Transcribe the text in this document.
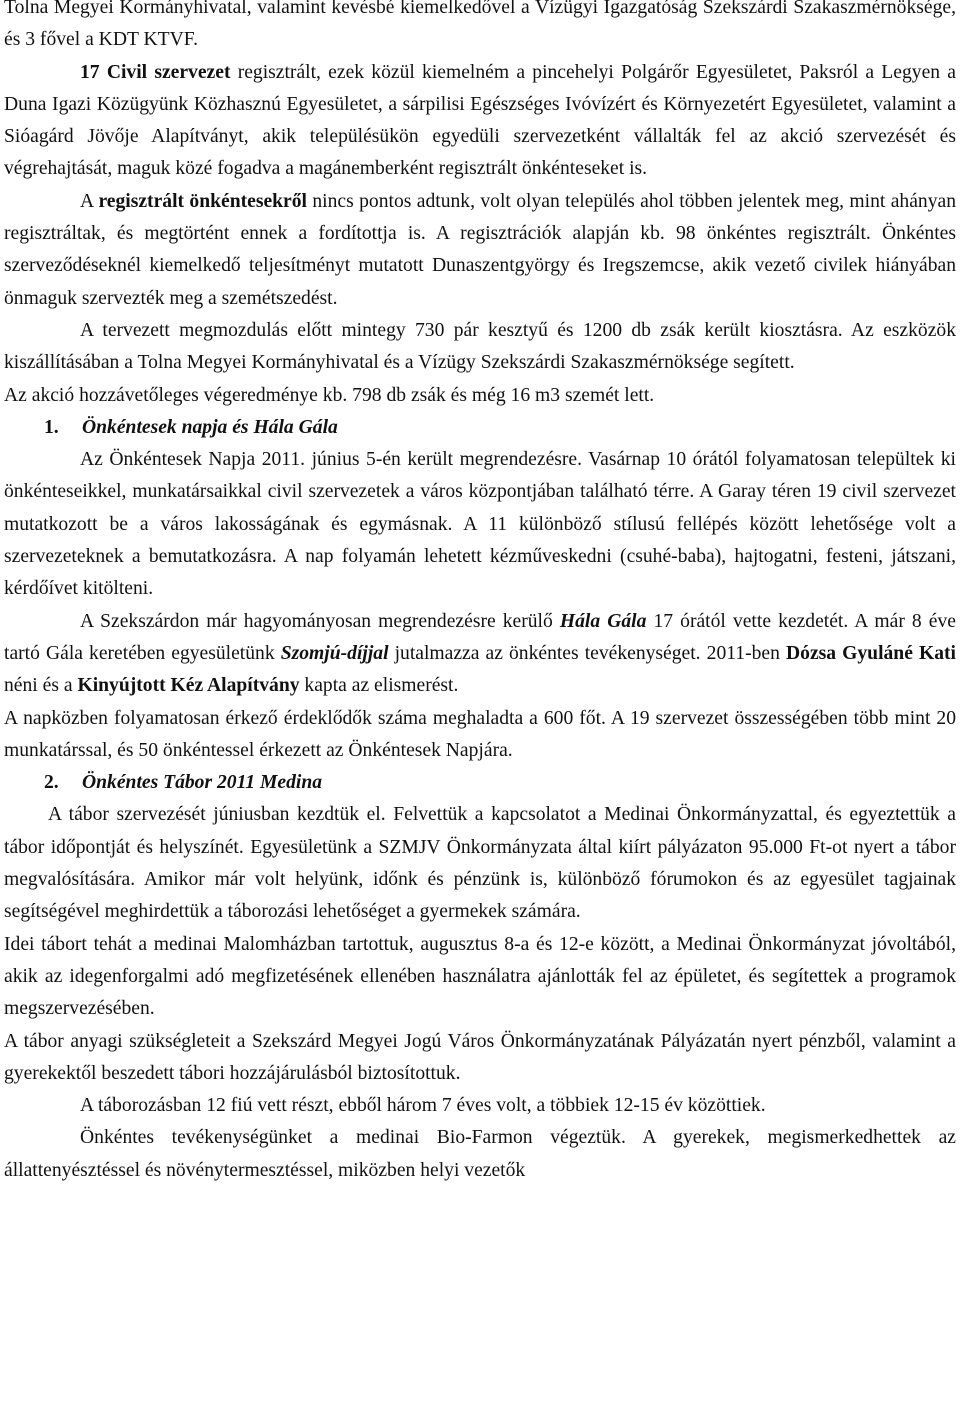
Tolna Megyei Kormányhivatal, valamint kevésbé kiemelkedővel a Vízügyi Igazgatóság Szekszárdi Szakaszmérnöksége, és 3 fővel a KDT KTVF.

17 Civil szervezet regisztrált, ezek közül kiemelném a pincehelyi Polgárőr Egyesületet, Paksról a Legyen a Duna Igazi Közügyünk Közhasznú Egyesületet, a sárpilisi Egészséges Ivóvízért és Környezetért Egyesületet, valamint a Sióagárd Jövője Alapítványt, akik településükön egyedüli szervezetként vállalták fel az akció szervezését és végrehajtását, maguk közé fogadva a magánemberként regisztrált önkénteseket is.

A regisztrált önkéntesekről nincs pontos adtunk, volt olyan település ahol többen jelentek meg, mint ahányan regisztráltak, és megtörtént ennek a fordítottja is. A regisztrációk alapján kb. 98 önkéntes regisztrált. Önkéntes szerveződéseknél kiemelkedő teljesítményt mutatott Dunaszentgyörgy és Iregszemcse, akik vezető civilek hiányában önmaguk szervezték meg a szemétszedést.

A tervezett megmozdulás előtt mintegy 730 pár kesztyű és 1200 db zsák került kiosztásra. Az eszközök kiszállításában a Tolna Megyei Kormányhivatal és a Vízügy Szekszárdi Szakaszmérnöksége segített.

Az akció hozzávetőleges végeredménye kb. 798 db zsák és még 16 m3 szemét lett.

1. Önkéntesek napja és Hála Gála

Az Önkéntesek Napja 2011. június 5-én került megrendezésre. Vasárnap 10 órától folyamatosan települtek ki önkénteseikkel, munkatársaikkal civil szervezetek a város központjában található térre. A Garay téren 19 civil szervezet mutatkozott be a város lakosságának és egymásnak. A 11 különböző stílusú fellépés között lehetősége volt a szervezeteknek a bemutatkozásra. A nap folyamán lehetett kézműveskedni (csuhé-baba), hajtogatni, festeni, játszani, kérdőívet kitölteni.

A Szekszárdon már hagyományosan megrendezésre kerülő Hála Gála 17 órától vette kezdetét. A már 8 éve tartó Gála keretében egyesületünk Szomjú-díjjal jutalmazza az önkéntes tevékenységet. 2011-ben Dózsa Gyuláné Kati néni és a Kinyújtott Kéz Alapítvány kapta az elismerést.

A napközben folyamatosan érkező érdeklődők száma meghaladta a 600 főt. A 19 szervezet összességében több mint 20 munkatárssal, és 50 önkéntessel érkezett az Önkéntesek Napjára.

2. Önkéntes Tábor 2011 Medina

A tábor szervezését júniusban kezdtük el. Felvettük a kapcsolatot a Medinai Önkormányzattal, és egyeztettük a tábor időpontját és helyszínét. Egyesületünk a SZMJV Önkormányzata által kiírt pályázaton 95.000 Ft-ot nyert a tábor megvalósítására. Amikor már volt helyünk, időnk és pénzünk is, különböző fórumokon és az egyesület tagjainak segítségével meghirdettük a táborozási lehetőséget a gyermekek számára.

Idei tábort tehát a medinai Malomházban tartottuk, augusztus 8-a és 12-e között, a Medinai Önkormányzat jóvoltából, akik az idegenforgalmi adó megfizetésének ellenében használatra ajánlották fel az épületet, és segítettek a programok megszervezésében.

A tábor anyagi szükségleteit a Szekszárd Megyei Jogú Város Önkormányzatának Pályázatán nyert pénzből, valamint a gyerekektől beszedett tábori hozzájárulásból biztosítottuk.

A táborozásban 12 fiú vett részt, ebből három 7 éves volt, a többiek 12-15 év közöttiek.

Önkéntes tevékenységünket a medinai Bio-Farmon végeztük. A gyerekek, megismerkedhettek az állattenyésztéssel és növénytermesztéssel, miközben helyi vezetők
